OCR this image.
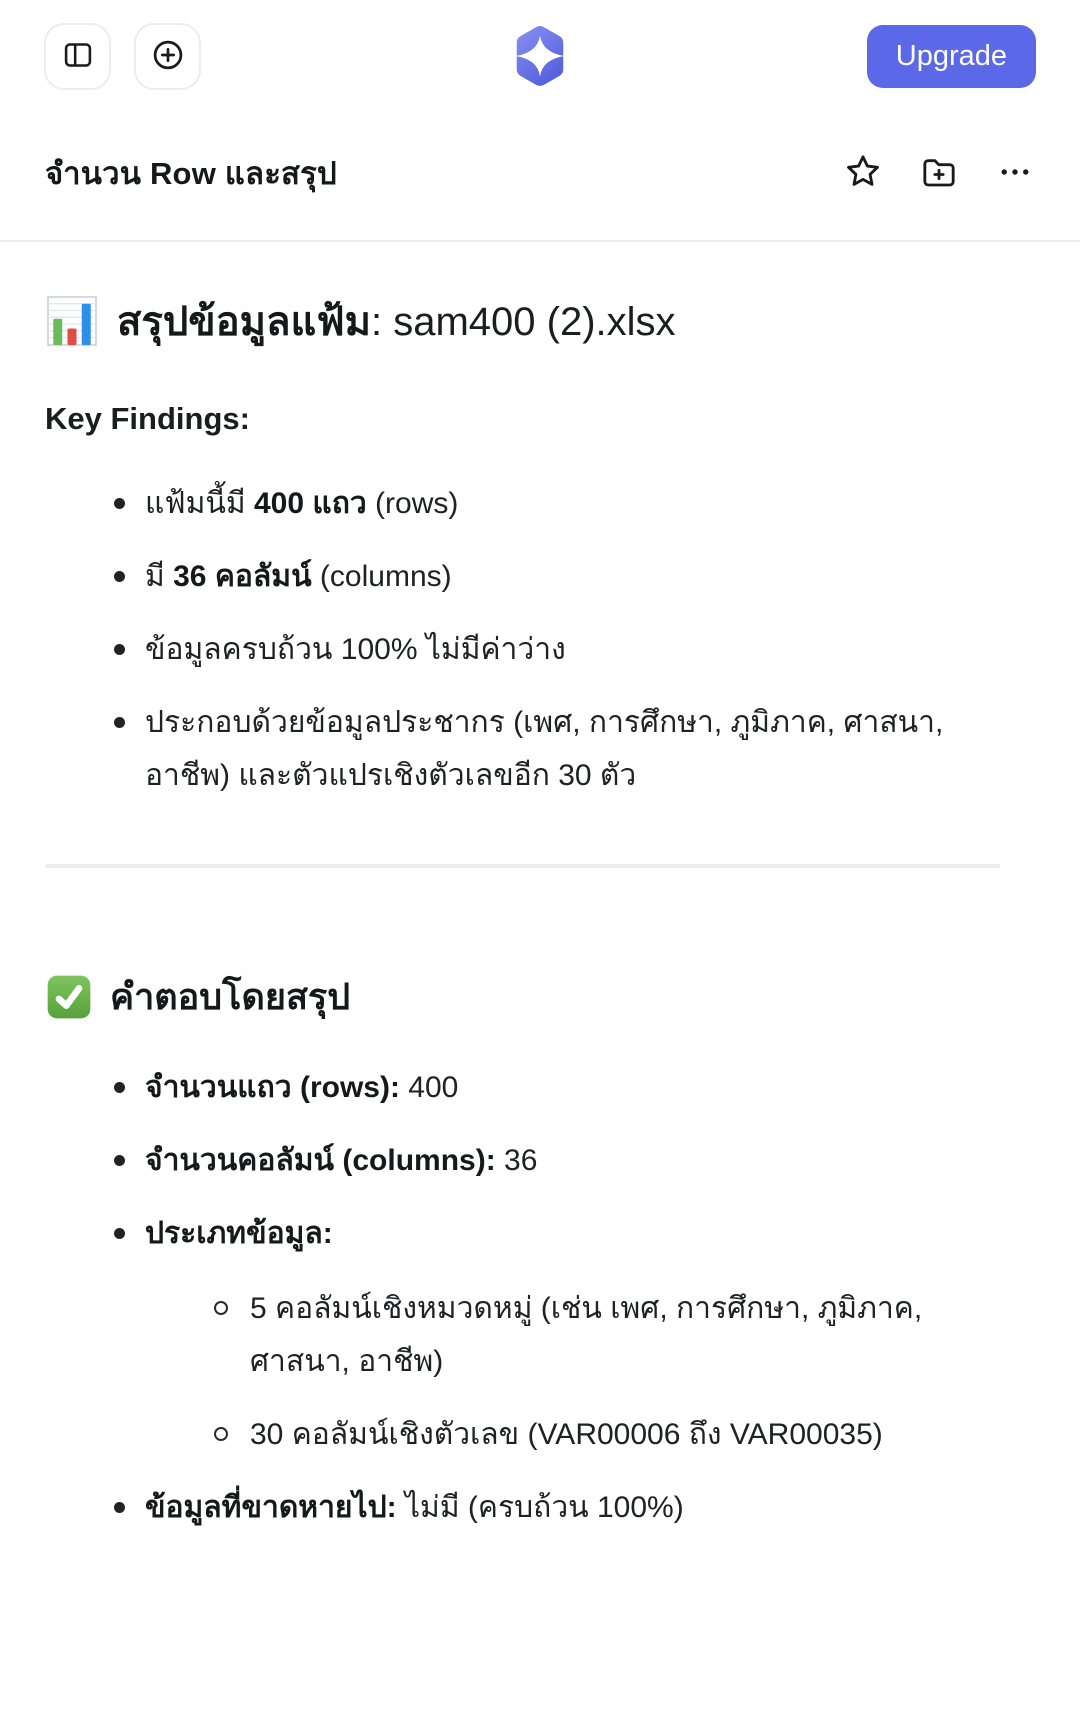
Upgrade
จำนวน Row และสรุป
สรุปข้อมูลแฟ้ม: sam400 (2).xlsx
Key Findings:
แฟ้มนี้มี 400 แถว (rows)
มี 36 คอลัมน์ (columns)
ข้อมูลครบถ้วน 100% ไม่มีค่าว่าง
ประกอบด้วยข้อมูลประชากร (เพศ, การศึกษา, ภูมิภาค, ศาสนา, อาชีพ) และตัวแปรเชิงตัวเลขอีก 30 ตัว
คำตอบโดยสรุป
จำนวนแถว (rows): 400
จำนวนคอลัมน์ (columns): 36
ประเภทข้อมูล:
5 คอลัมน์เชิงหมวดหมู่ (เช่น เพศ, การศึกษา, ภูมิภาค, ศาสนา, อาชีพ)
30 คอลัมน์เชิงตัวเลข (VAR00006 ถึง VAR00035)
ข้อมูลที่ขาดหายไป: ไม่มี (ครบถ้วน 100%)
